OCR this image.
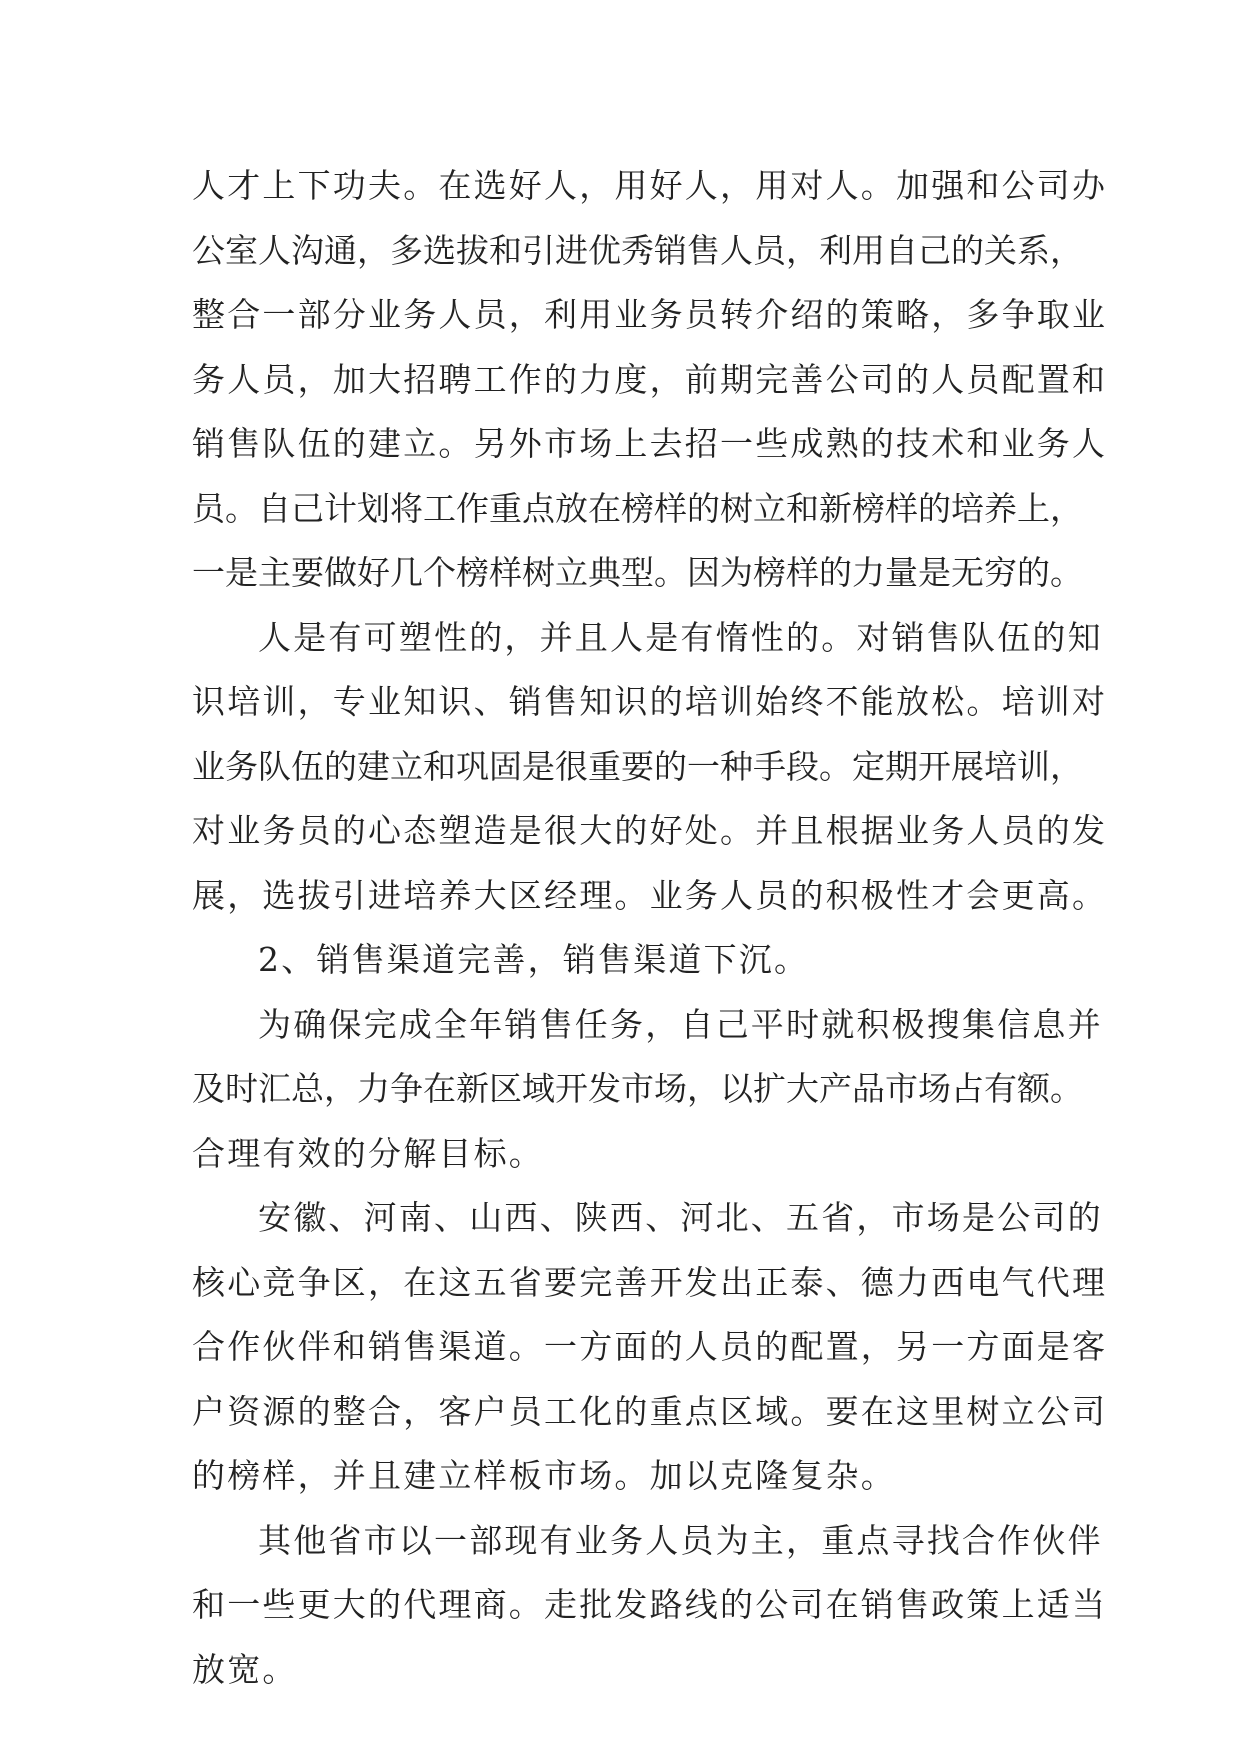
人才上下功夫。在选好人，用好人，用对人。加强和公司办
公室人沟通，多选拔和引进优秀销售人员，利用自己的关系，
整合一部分业务人员，利用业务员转介绍的策略，多争取业
务人员，加大招聘工作的力度，前期完善公司的人员配置和
销售队伍的建立。另外市场上去招一些成熟的技术和业务人
员。自己计划将工作重点放在榜样的树立和新榜样的培养上，
一是主要做好几个榜样树立典型。因为榜样的力量是无穷的。
人是有可塑性的，并且人是有惰性的。对销售队伍的知
识培训，专业知识、销售知识的培训始终不能放松。培训对
业务队伍的建立和巩固是很重要的一种手段。定期开展培训，
对业务员的心态塑造是很大的好处。并且根据业务人员的发
展，选拔引进培养大区经理。业务人员的积极性才会更高。
2、销售渠道完善，销售渠道下沉。
为确保完成全年销售任务，自己平时就积极搜集信息并
及时汇总，力争在新区域开发市场，以扩大产品市场占有额。
合理有效的分解目标。
安徽、河南、山西、陕西、河北、五省，市场是公司的
核心竞争区，在这五省要完善开发出正泰、德力西电气代理
合作伙伴和销售渠道。一方面的人员的配置，另一方面是客
户资源的整合，客户员工化的重点区域。要在这里树立公司
的榜样，并且建立样板市场。加以克隆复杂。
其他省市以一部现有业务人员为主，重点寻找合作伙伴
和一些更大的代理商。走批发路线的公司在销售政策上适当
放宽。
